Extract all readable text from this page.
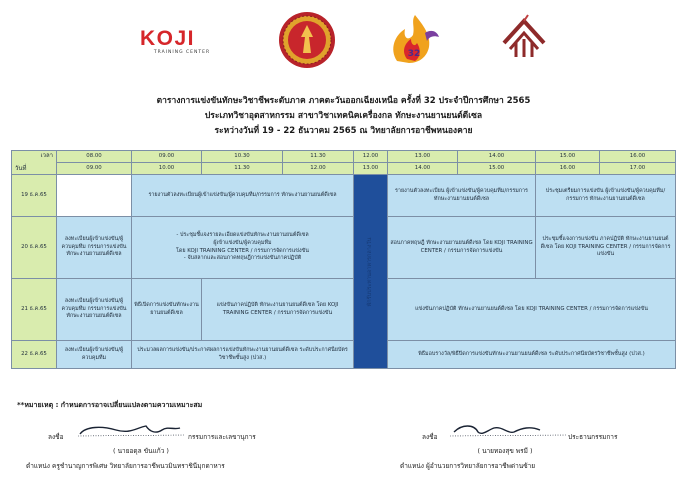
KOJI
TRAINING CENTER	32
ตารางการแข่งขันทักษะวิชาชีพระดับภาค ภาคตะวันออกเฉียงเหนือ ครั้งที่ 32 ประจำปีการศึกษา 2565
ประเภทวิชาอุตสาหกรรม สาขาวิชาเทคนิคเครื่องกล ทักษะงานยานยนต์ดีเซล
ระหว่างวันที่ 19 - 22 ธันวาคม 2565 ณ วิทยาลัยการอาชีพหนองคาย
เวลา
วันที่	08.00	09.00	10.30	11.30	12.00	13.00	14.00	15.00	16.00
	09.00	10.00	11.30	12.00	13.00	14.00	15.00	16.00	17.00
19 ธ.ค.65		รายงานตัวลงทะเบียนผู้เข้าแข่งขัน/ผู้ควบคุมทีม/กรรมการ ทักษะงานยานยนต์ดีเซล			พักรับประทานอาหารกลางวัน	รายงานตัวลงทะเบียน ผู้เข้าแข่งขัน/ผู้ควบคุมทีม/กรรมการ ทักษะงานยานยนต์ดีเซล		ประชุมเตรียมการแข่งขัน ผู้เข้าแข่งขัน/ผู้ควบคุมทีม/กรรมการ ทักษะงานยานยนต์ดีเซล	
20 ธ.ค.65	ลงทะเบียนผู้เข้าแข่งขัน/ผู้ควบคุมทีม กรรมการแข่งขันทักษะงานยานยนต์ดีเซล	- ประชุมชี้แจงรายละเอียดแข่งขันทักษะงานยานยนต์ดีเซล
ผู้เข้าแข่งขัน/ผู้ควบคุมทีม
โดย KOJI TRAINING CENTER / กรรมการจัดการแข่งขัน
- จับสลากและสอบภาคทฤษฎีการแข่งขันภาคปฏิบัติ				สอบภาคทฤษฎี ทักษะงานยานยนต์ดีเซล โดย KOJI TRAINING CENTER / กรรมการจัดการแข่งขัน		ประชุมชี้แจงการแข่งขัน ภาคปฏิบัติ ทักษะงานยานยนต์ดีเซล โดย KOJI TRAINING CENTER / กรรมการจัดการแข่งขัน	
21 ธ.ค.65	ลงทะเบียนผู้เข้าแข่งขัน/ผู้ควบคุมทีม กรรมการแข่งขันทักษะงานยานยนต์ดีเซล	พิธีเปิดการแข่งขันทักษะงานยานยนต์ดีเซล	แข่งขันภาคปฏิบัติ ทักษะงานยานยนต์ดีเซล โดย KOJI TRAINING CENTER / กรรมการจัดการแข่งขัน			แข่งขันภาคปฏิบัติ ทักษะงานยานยนต์ดีเซล โดย KOJI TRAINING CENTER / กรรมการจัดการแข่งขัน			
22 ธ.ค.65	ลงทะเบียนผู้เข้าแข่งขัน/ผู้ควบคุมทีม	ประมวลผลการแข่งขัน/ประกาศผลการแข่งขันทักษะงานยานยนต์ดีเซล ระดับประกาศนียบัตรวิชาชีพชั้นสูง (ปวส.)				พิธีมอบรางวัล/พิธีปิดการแข่งขันทักษะงานยานยนต์ดีเซล ระดับประกาศนียบัตรวิชาชีพชั้นสูง (ปวส.)			
**หมายเหตุ : กำหนดการอาจเปลี่ยนแปลงตามความเหมาะสม
ลงชื่อ	กรรมการและเลขานุการ
( นายอดุล ขันแก้ว )
ตำแหน่ง ครูชำนาญการพิเศษ วิทยาลัยการอาชีพนวมินทราชินีมุกดาหาร
ลงชื่อ	ประธานกรรมการ
( นายทองสุข พรมี )
ตำแหน่ง ผู้อำนวยการวิทยาลัยการอาชีพด่านซ้าย
